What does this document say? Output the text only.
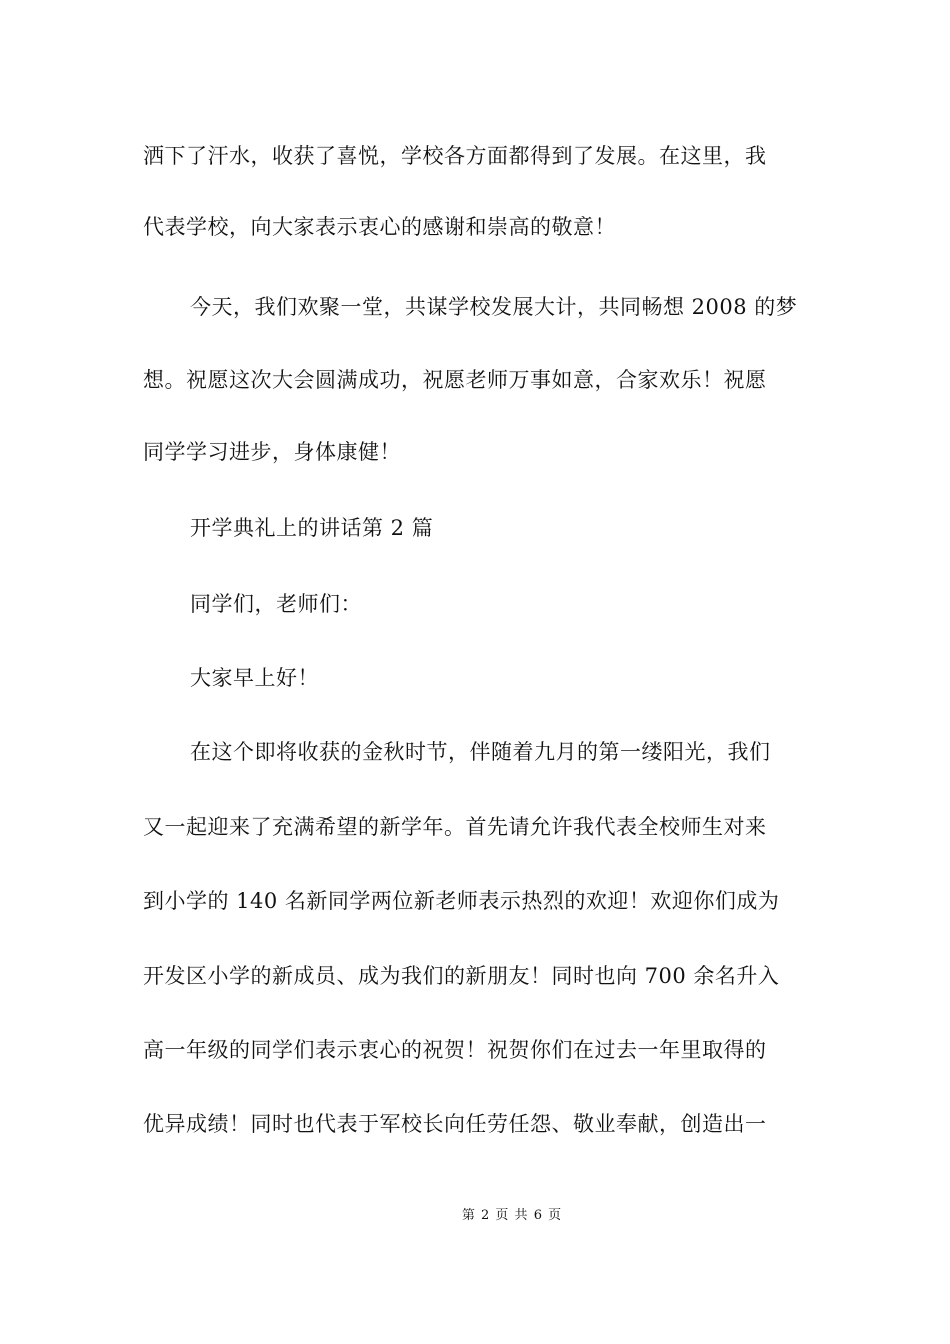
洒下了汗水，收获了喜悦，学校各方面都得到了发展。在这里，我
代表学校，向大家表示衷心的感谢和崇高的敬意！
今天，我们欢聚一堂，共谋学校发展大计，共同畅想 2008 的梦
想。祝愿这次大会圆满成功，祝愿老师万事如意，合家欢乐！祝愿
同学学习进步，身体康健！
开学典礼上的讲话第 2 篇
同学们，老师们：
大家早上好！
在这个即将收获的金秋时节，伴随着九月的第一缕阳光，我们
又一起迎来了充满希望的新学年。首先请允许我代表全校师生对来
到小学的 140 名新同学两位新老师表示热烈的欢迎！欢迎你们成为
开发区小学的新成员、成为我们的新朋友！同时也向 700 余名升入
高一年级的同学们表示衷心的祝贺！祝贺你们在过去一年里取得的
优异成绩！同时也代表于军校长向任劳任怨、敬业奉献，创造出一
第 2 页 共 6 页
